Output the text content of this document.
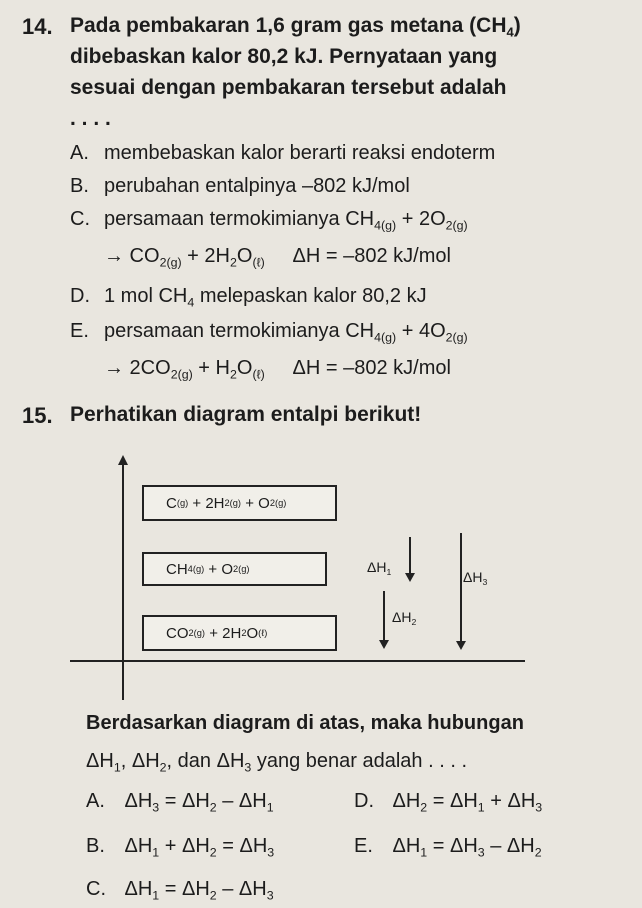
14. Pada pembakaran 1,6 gram gas metana $(CH_4)$
dibebaskan kalor 80,2 kJ. Pernyataan yang
sesuai dengan pembakaran tersebut adalah
. . . .
A. membebaskan kalor berarti reaksi endoterm
B. perubahan entalpinya –802 kJ/mol
C. persamaan termokimianya $CH_{4(g)} + 2O_{2(g)}$
→ $CO_{2(g)} + 2H_2O_{(\ell)}$ ΔH = –802 kJ/mol
D. 1 mol $CH_4$ melepaskan kalor 80,2 kJ
E. persamaan termokimianya $CH_{4(g)} + 4O_{2(g)}$
→ $2CO_{2(g)} + H_2O_{(\ell)}$ ΔH = –802 kJ/mol
15. Perhatikan diagram entalpi berikut!
C (g) + 2H 2(g) + O 2(g)
CH 4(g) + O 2(g)
CO 2(g) + 2H 2 O (ℓ)
$\Delta H_1$
$\Delta H_2$
$\Delta H_3$
Berdasarkan diagram di atas, maka hubungan
$\Delta H_1$, $\Delta H_2$, dan $\Delta H_3$ yang benar adalah . . . .
A. $\Delta H_3 = \Delta H_2 - \Delta H_1$	D. $\Delta H_2 = \Delta H_1 + \Delta H_3$
B. $\Delta H_1 + \Delta H_2 = \Delta H_3$	E. $\Delta H_1 = \Delta H_3 - \Delta H_2$
C. $\Delta H_1 = \Delta H_2 - \Delta H_3$
